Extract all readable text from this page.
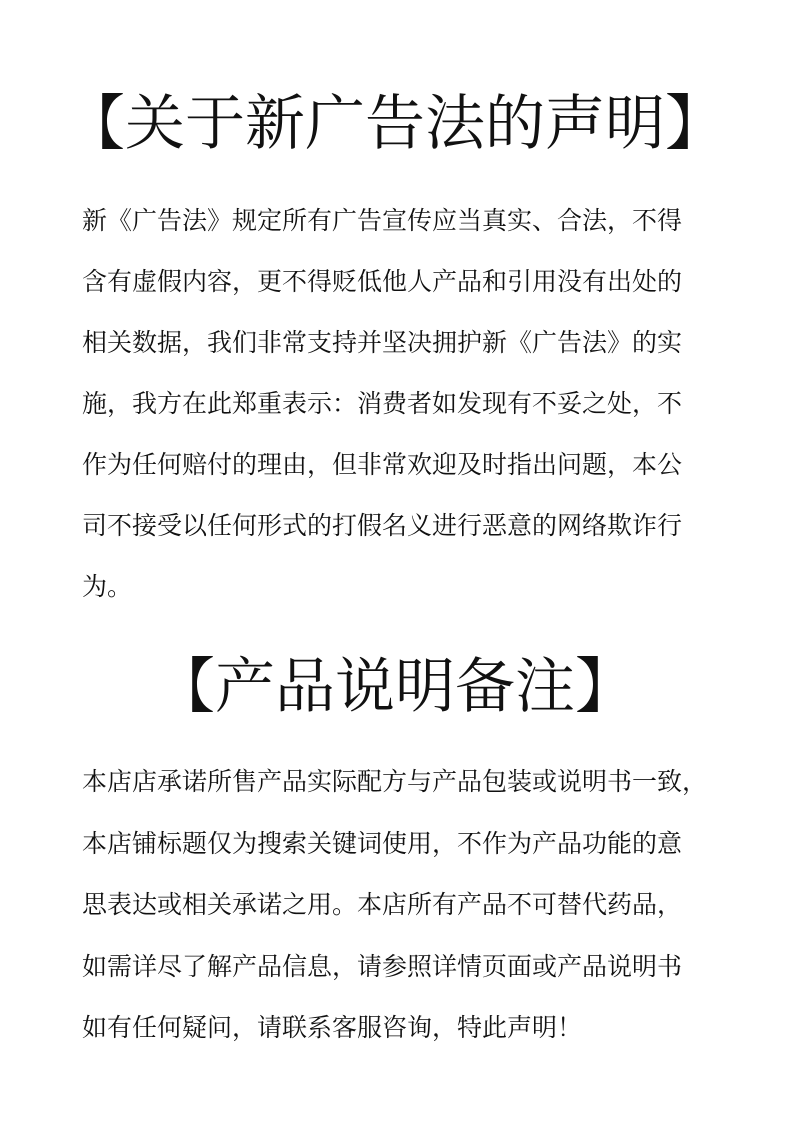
【关于新广告法的声明】
新《广告法》规定所有广告宣传应当真实、合法，不得
含有虚假内容，更不得贬低他人产品和引用没有出处的
相关数据，我们非常支持并坚决拥护新《广告法》的实
施，我方在此郑重表示：消费者如发现有不妥之处，不
作为任何赔付的理由，但非常欢迎及时指出问题，本公
司不接受以任何形式的打假名义进行恶意的网络欺诈行
为。
【产品说明备注】
本店店承诺所售产品实际配方与产品包装或说明书一致，
本店铺标题仅为搜索关键词使用，不作为产品功能的意
思表达或相关承诺之用。本店所有产品不可替代药品，
如需详尽了解产品信息，请参照详情页面或产品说明书
如有任何疑问，请联系客服咨询，特此声明！
